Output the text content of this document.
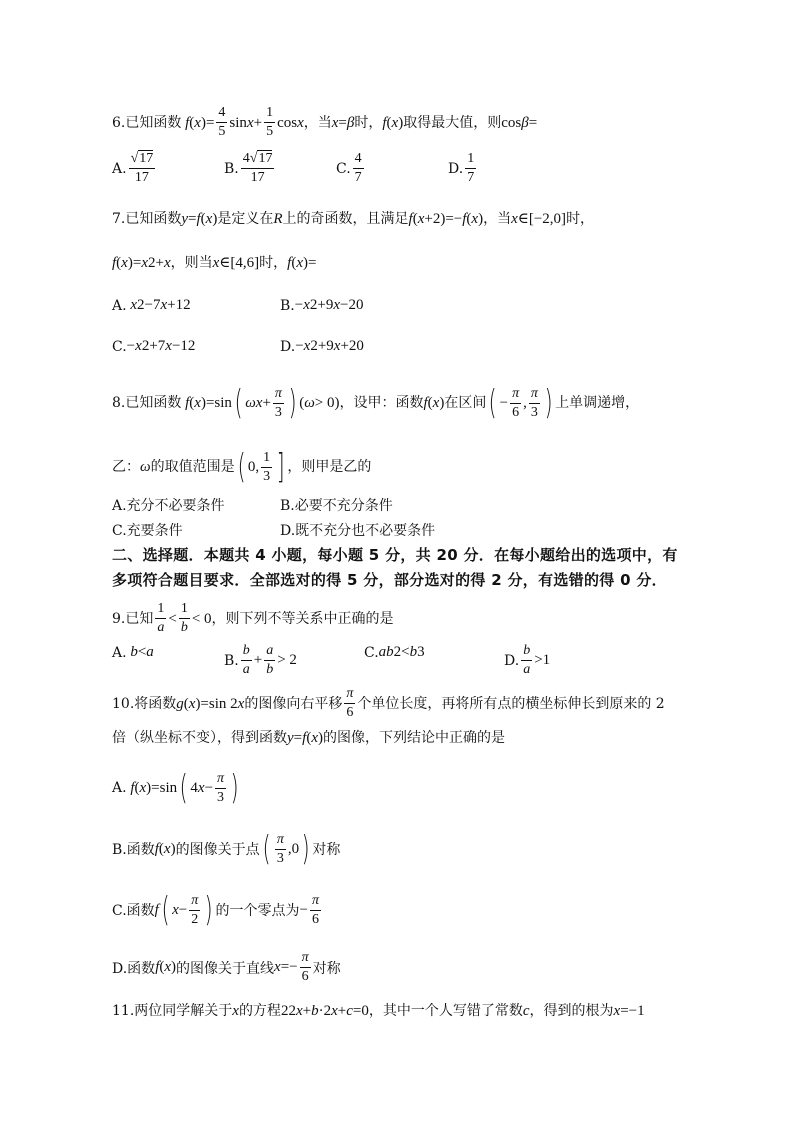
6.已知函数 f ( x )= $\frac{4}{5}$ $\sin x + \frac{1}{5}$ cos x ，当 x = β 时， f ( x ) 取得最大值，则 cos β =
A. $\frac{√17}{17}$	B. $\frac{4√17}{17}$	C. $\frac{4}{7}$	D. $\frac{1}{7}$
7.已知函数 y = f ( x ) 是定义在 R 上的奇函数，且满足 f ( x +2)=− f ( x ) ，当 x ∈[−2,0] 时，
f ( x )= x 2 + x ，则当 x ∈[4,6] 时， f ( x )=
A. x 2 −7 x +12	B. − x 2 +9 x −20
C. − x 2 +7 x −12	D. − x 2 +9 x +20
8.已知函数 f ( x )=sin ( $\omega x + \frac{\pi}{3}$ ) ( ω > 0) ，设甲：函数 f ( x ) 在区间 ( − $\frac{\pi}{6}$ , $\frac{\pi}{3}$ ) 上单调递增，
乙： ω 的取值范围是 ( 0, $\frac{1}{3}$ ] ，则甲是乙的
A.充分不必要条件	B.必要不充分条件
C.充要条件	D.既不充分也不必要条件
二、选择题．本题共 4 小题，每小题 5 分，共 20 分．在每小题给出的选项中，有
多项符合题目要求．全部选对的得 5 分，部分选对的得 2 分，有选错的得 0 分．
9.已知 $\frac{1}{a} < \frac{1}{b} < 0$ ，则下列不等关系中正确的是
A. b < a
B. $\frac{b}{a} + \frac{a}{b} > 2$	C. ab 2 < b 3
D. $\frac{b}{a} >1$
10.将函数 g ( x )=sin 2 x 的图像向右平移 $\frac{\pi}{6}$ 个单位长度，再将所有点的横坐标伸长到原来的 2
倍（纵坐标不变），得到函数 y = f ( x ) 的图像，下列结论中正确的是
A. f ( x )=sin ( 4 $x - \frac{\pi}{3}$ )
B.函数 f ( x ) 的图像关于点 ( $\frac{\pi}{3} ,0$ ) 对称
C.函数 f ( $x - \frac{\pi}{2}$ ) 的一个零点为 − $\frac{\pi}{6}$
D.函数 f ( x ) 的图像关于直线 $x =- \frac{\pi}{6}$ 对称
11.两位同学解关于 x 的方程 2 2x + b ·2 x + c =0 ，其中一个人写错了常数 c ，得到的根为 x =−1
